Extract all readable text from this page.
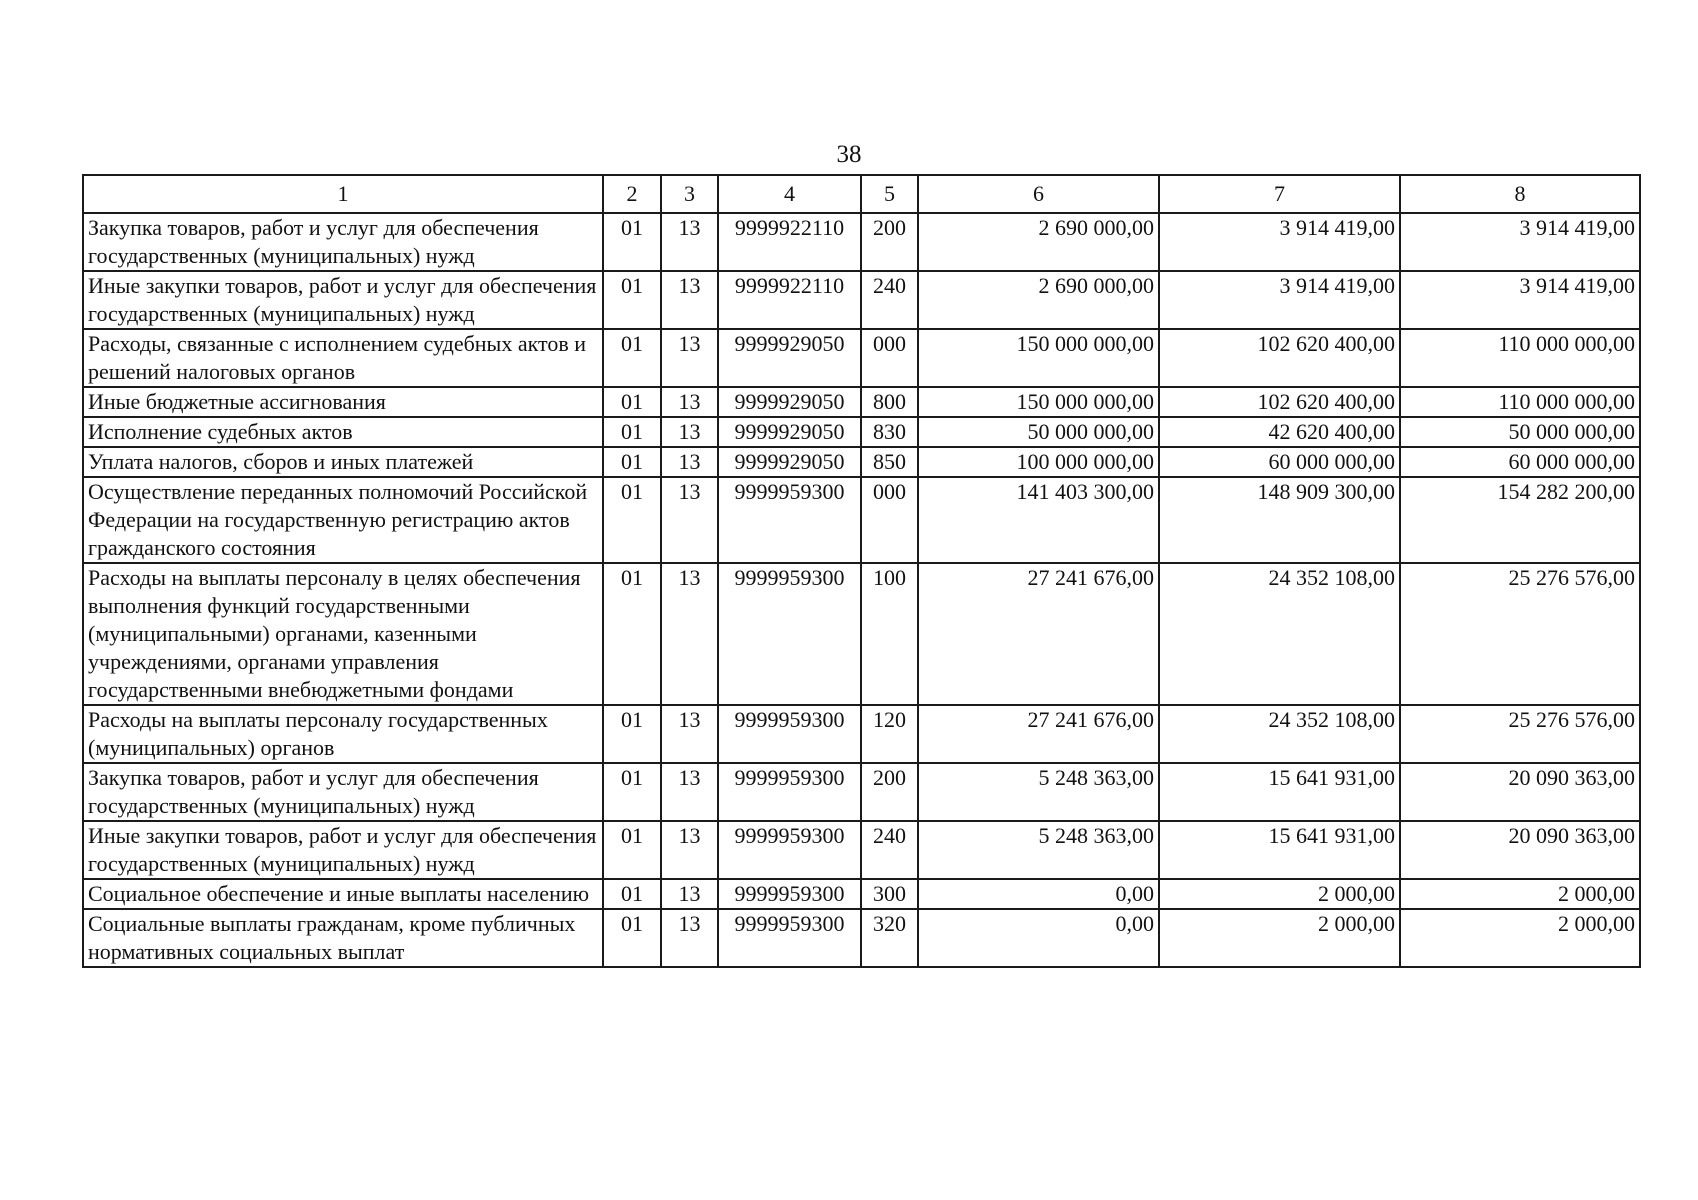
38
1	2	3	4	5	6	7	8
Закупка товаров, работ и услуг для обеспечения государственных (муниципальных) нужд	01	13	9999922110	200	2 690 000,00	3 914 419,00	3 914 419,00
Иные закупки товаров, работ и услуг для обеспечения государственных (муниципальных) нужд	01	13	9999922110	240	2 690 000,00	3 914 419,00	3 914 419,00
Расходы, связанные с исполнением судебных актов и решений налоговых органов	01	13	9999929050	000	150 000 000,00	102 620 400,00	110 000 000,00
Иные бюджетные ассигнования	01	13	9999929050	800	150 000 000,00	102 620 400,00	110 000 000,00
Исполнение судебных актов	01	13	9999929050	830	50 000 000,00	42 620 400,00	50 000 000,00
Уплата налогов, сборов и иных платежей	01	13	9999929050	850	100 000 000,00	60 000 000,00	60 000 000,00
Осуществление переданных полномочий Российской Федерации на государственную регистрацию актов гражданского состояния	01	13	9999959300	000	141 403 300,00	148 909 300,00	154 282 200,00
Расходы на выплаты персоналу в целях обеспечения выполнения функций государственными (муниципальными) органами, казенными учреждениями, органами управления государственными внебюджетными фондами	01	13	9999959300	100	27 241 676,00	24 352 108,00	25 276 576,00
Расходы на выплаты персоналу государственных (муниципальных) органов	01	13	9999959300	120	27 241 676,00	24 352 108,00	25 276 576,00
Закупка товаров, работ и услуг для обеспечения государственных (муниципальных) нужд	01	13	9999959300	200	5 248 363,00	15 641 931,00	20 090 363,00
Иные закупки товаров, работ и услуг для обеспечения государственных (муниципальных) нужд	01	13	9999959300	240	5 248 363,00	15 641 931,00	20 090 363,00
Социальное обеспечение и иные выплаты населению	01	13	9999959300	300	0,00	2 000,00	2 000,00
Социальные выплаты гражданам, кроме публичных нормативных социальных выплат	01	13	9999959300	320	0,00	2 000,00	2 000,00
